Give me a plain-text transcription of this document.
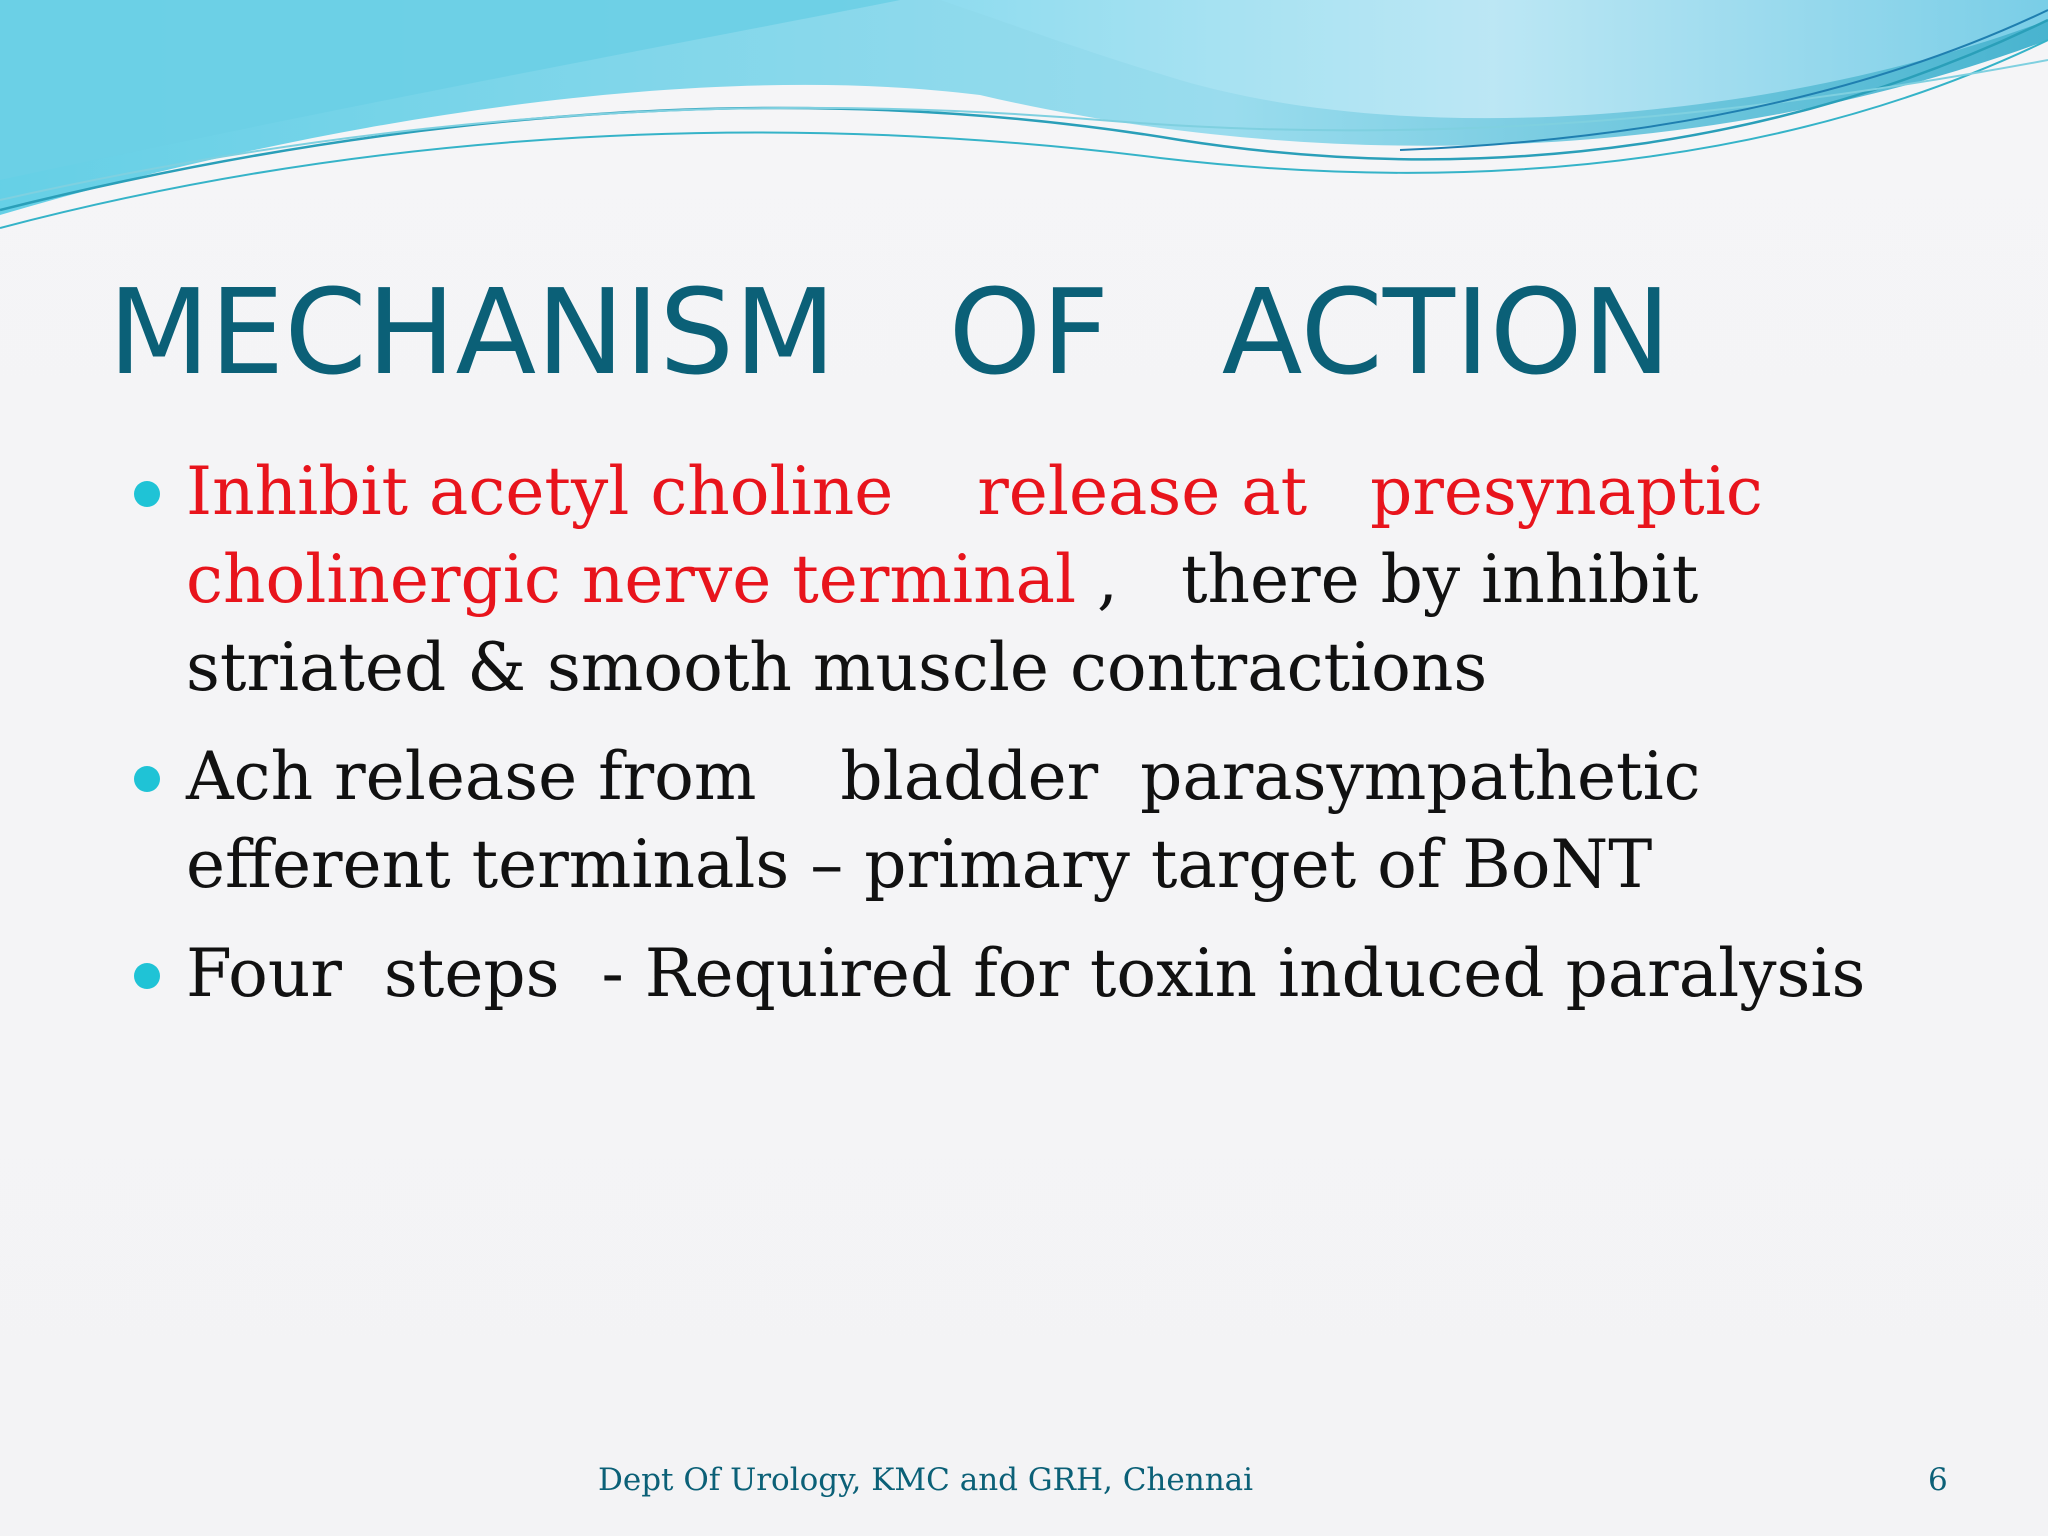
MECHANISM   OF   ACTION
Inhibit acetyl choline    release at   presynaptic cholinergic nerve terminal ,   there by inhibit striated & smooth muscle contractions
Ach release from    bladder  parasympathetic efferent terminals – primary target of BoNT
Four  steps  - Required for toxin induced paralysis
Dept Of Urology, KMC and GRH, Chennai	6
